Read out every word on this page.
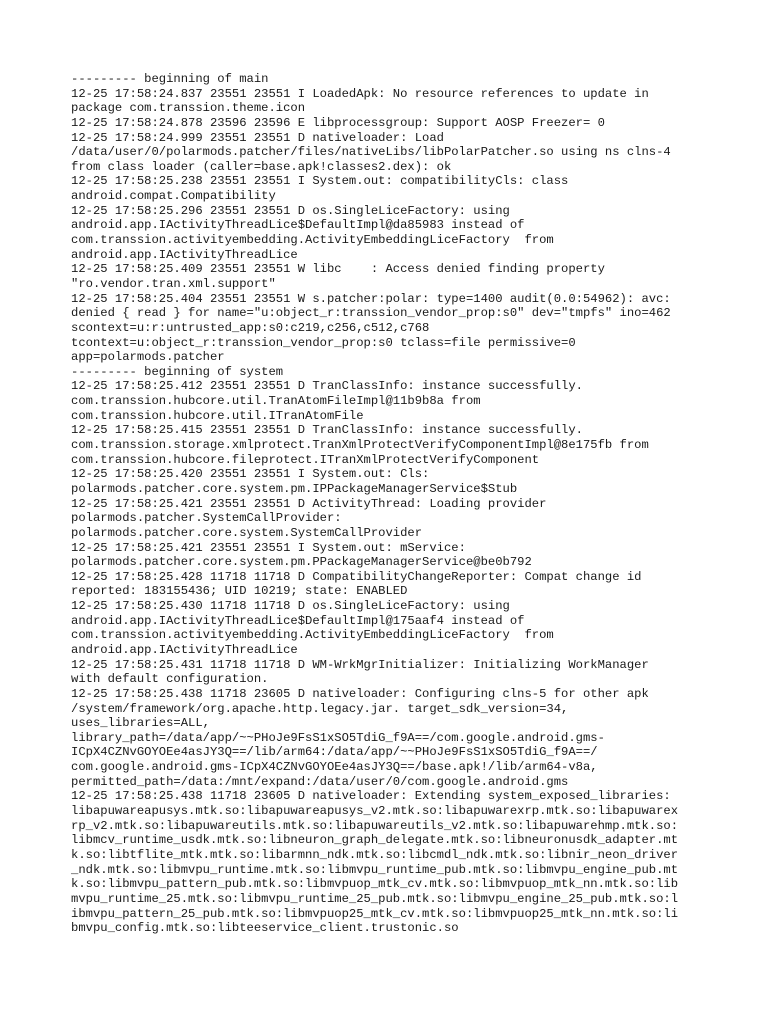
--------- beginning of main
12-25 17:58:24.837 23551 23551 I LoadedApk: No resource references to update in
package com.transsion.theme.icon
12-25 17:58:24.878 23596 23596 E libprocessgroup: Support AOSP Freezer= 0
12-25 17:58:24.999 23551 23551 D nativeloader: Load
/data/user/0/polarmods.patcher/files/nativeLibs/libPolarPatcher.so using ns clns-4
from class loader (caller=base.apk!classes2.dex): ok
12-25 17:58:25.238 23551 23551 I System.out: compatibilityCls: class
android.compat.Compatibility
12-25 17:58:25.296 23551 23551 D os.SingleLiceFactory: using
android.app.IActivityThreadLice$DefaultImpl@da85983 instead of
com.transsion.activityembedding.ActivityEmbeddingLiceFactory  from
android.app.IActivityThreadLice
12-25 17:58:25.409 23551 23551 W libc    : Access denied finding property
"ro.vendor.tran.xml.support"
12-25 17:58:25.404 23551 23551 W s.patcher:polar: type=1400 audit(0.0:54962): avc:
denied { read } for name="u:object_r:transsion_vendor_prop:s0" dev="tmpfs" ino=462
scontext=u:r:untrusted_app:s0:c219,c256,c512,c768
tcontext=u:object_r:transsion_vendor_prop:s0 tclass=file permissive=0
app=polarmods.patcher
--------- beginning of system
12-25 17:58:25.412 23551 23551 D TranClassInfo: instance successfully.
com.transsion.hubcore.util.TranAtomFileImpl@11b9b8a from
com.transsion.hubcore.util.ITranAtomFile
12-25 17:58:25.415 23551 23551 D TranClassInfo: instance successfully.
com.transsion.storage.xmlprotect.TranXmlProtectVerifyComponentImpl@8e175fb from
com.transsion.hubcore.fileprotect.ITranXmlProtectVerifyComponent
12-25 17:58:25.420 23551 23551 I System.out: Cls:
polarmods.patcher.core.system.pm.IPPackageManagerService$Stub
12-25 17:58:25.421 23551 23551 D ActivityThread: Loading provider
polarmods.patcher.SystemCallProvider:
polarmods.patcher.core.system.SystemCallProvider
12-25 17:58:25.421 23551 23551 I System.out: mService:
polarmods.patcher.core.system.pm.PPackageManagerService@be0b792
12-25 17:58:25.428 11718 11718 D CompatibilityChangeReporter: Compat change id
reported: 183155436; UID 10219; state: ENABLED
12-25 17:58:25.430 11718 11718 D os.SingleLiceFactory: using
android.app.IActivityThreadLice$DefaultImpl@175aaf4 instead of
com.transsion.activityembedding.ActivityEmbeddingLiceFactory  from
android.app.IActivityThreadLice
12-25 17:58:25.431 11718 11718 D WM-WrkMgrInitializer: Initializing WorkManager
with default configuration.
12-25 17:58:25.438 11718 23605 D nativeloader: Configuring clns-5 for other apk
/system/framework/org.apache.http.legacy.jar. target_sdk_version=34,
uses_libraries=ALL,
library_path=/data/app/~~PHoJe9FsS1xSO5TdiG_f9A==/com.google.android.gms-
ICpX4CZNvGOYOEe4asJY3Q==/lib/arm64:/data/app/~~PHoJe9FsS1xSO5TdiG_f9A==/
com.google.android.gms-ICpX4CZNvGOYOEe4asJY3Q==/base.apk!/lib/arm64-v8a,
permitted_path=/data:/mnt/expand:/data/user/0/com.google.android.gms
12-25 17:58:25.438 11718 23605 D nativeloader: Extending system_exposed_libraries:
libapuwareapusys.mtk.so:libapuwareapusys_v2.mtk.so:libapuwarexrp.mtk.so:libapuwarex
rp_v2.mtk.so:libapuwareutils.mtk.so:libapuwareutils_v2.mtk.so:libapuwarehmp.mtk.so:
libmcv_runtime_usdk.mtk.so:libneuron_graph_delegate.mtk.so:libneuronusdk_adapter.mt
k.so:libtflite_mtk.mtk.so:libarmnn_ndk.mtk.so:libcmdl_ndk.mtk.so:libnir_neon_driver
_ndk.mtk.so:libmvpu_runtime.mtk.so:libmvpu_runtime_pub.mtk.so:libmvpu_engine_pub.mt
k.so:libmvpu_pattern_pub.mtk.so:libmvpuop_mtk_cv.mtk.so:libmvpuop_mtk_nn.mtk.so:lib
mvpu_runtime_25.mtk.so:libmvpu_runtime_25_pub.mtk.so:libmvpu_engine_25_pub.mtk.so:l
ibmvpu_pattern_25_pub.mtk.so:libmvpuop25_mtk_cv.mtk.so:libmvpuop25_mtk_nn.mtk.so:li
bmvpu_config.mtk.so:libteeservice_client.trustonic.so
